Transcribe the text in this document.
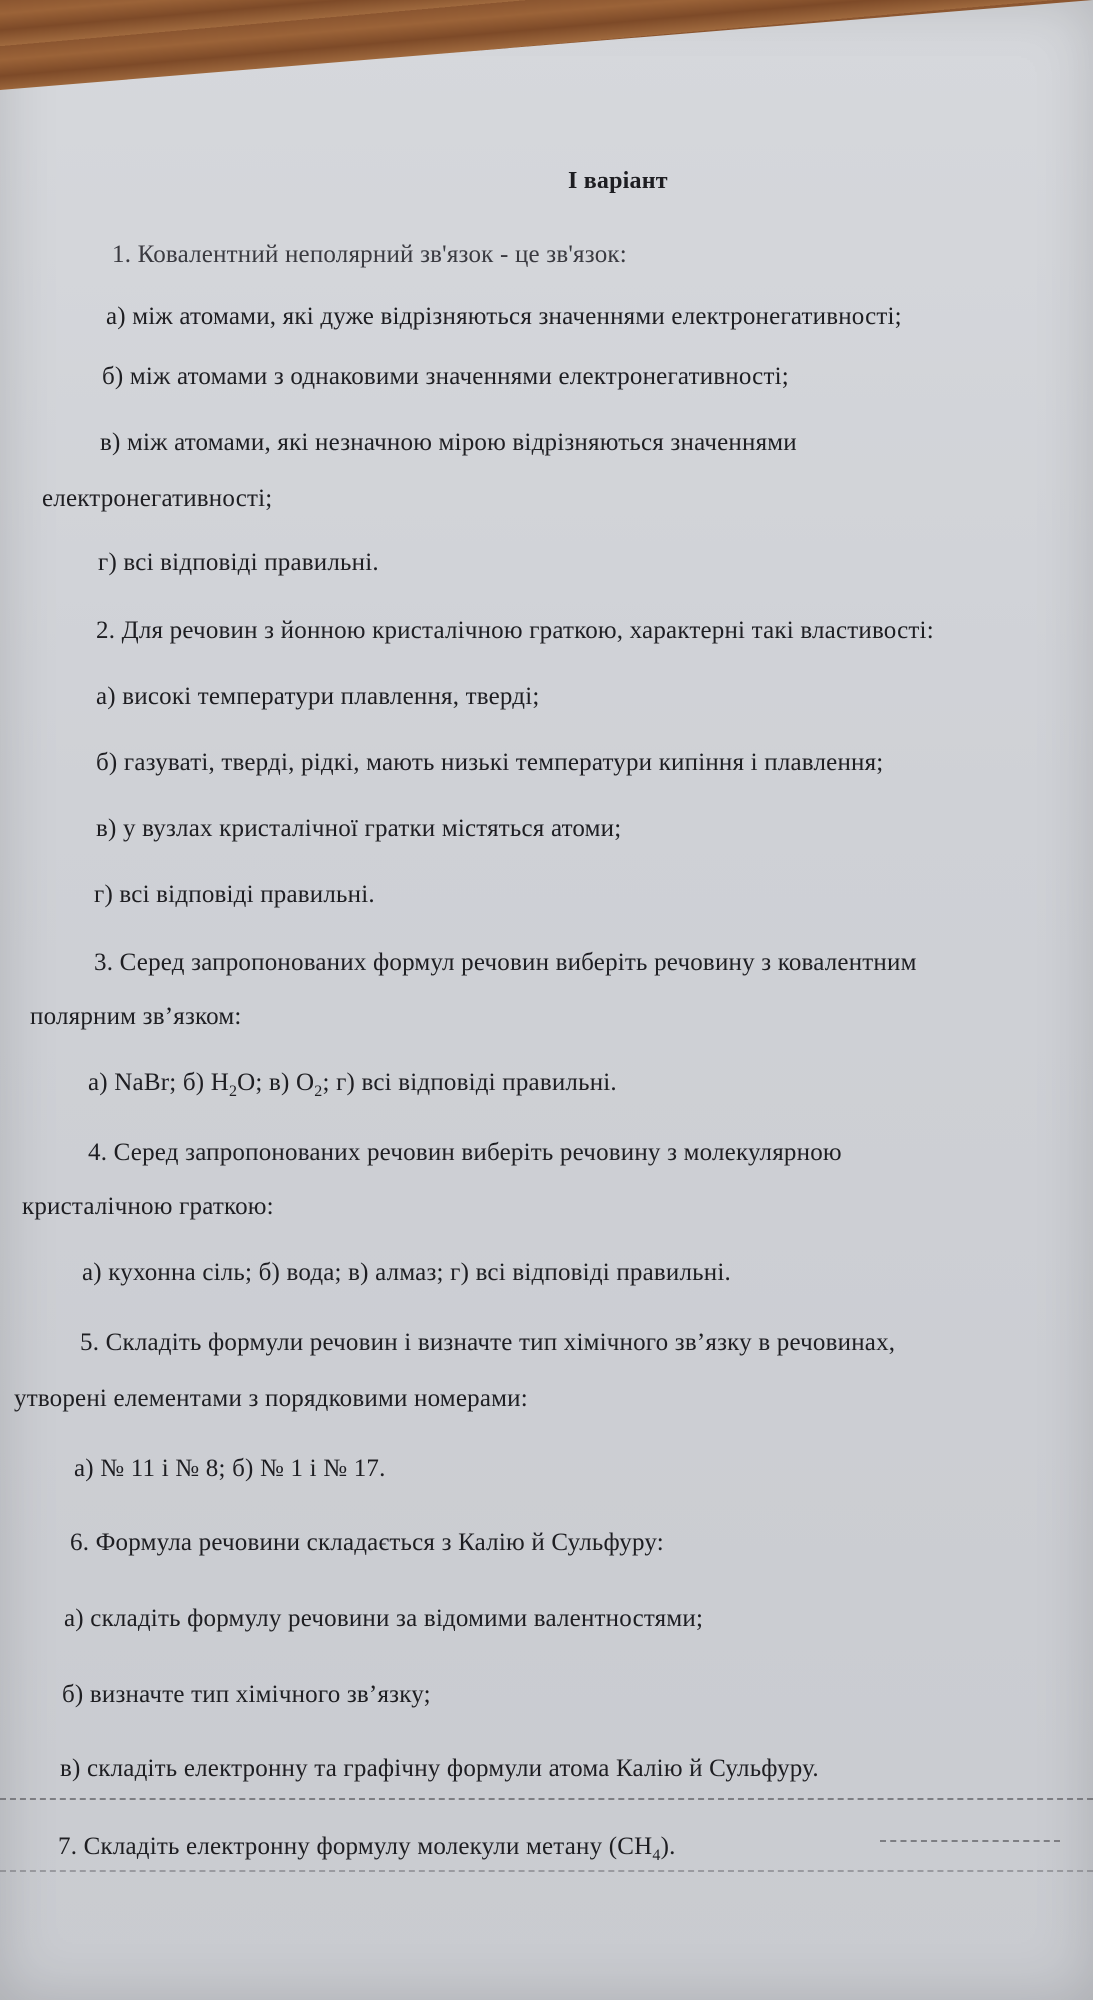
І варіант
1. Ковалентний неполярний зв'язок - це зв'язок:
а) між атомами, які дуже відрізняються значеннями електронегативності;
б) між атомами з однаковими значеннями електронегативності;
в) між атомами, які незначною мірою відрізняються значеннями
електронегативності;
г) всі відповіді правильні.
2. Для речовин з йонною кристалічною граткою, характерні такі властивості:
а) високі температури плавлення, тверді;
б) газуваті, тверді, рідкі, мають низькі температури кипіння і плавлення;
в) у вузлах кристалічної гратки містяться атоми;
г) всі відповіді правильні.
3. Серед запропонованих формул речовин виберіть речовину з ковалентним
полярним зв’язком:
а) NaBr; б) $H_2O$; в) $O_2$; г) всі відповіді правильні.
4. Серед запропонованих речовин виберіть речовину з молекулярною
кристалічною граткою:
а) кухонна сіль; б) вода; в) алмаз; г) всі відповіді правильні.
5. Складіть формули речовин і визначте тип хімічного зв’язку в речовинах,
утворені елементами з порядковими номерами:
а) № 11 і № 8; б) № 1 і № 17.
6. Формула речовини складається з Калію й Сульфуру:
а) складіть формулу речовини за відомими валентностями;
б) визначте тип хімічного зв’язку;
в) складіть електронну та графічну формули атома Калію й Сульфуру.
7. Складіть електронну формулу молекули метану $(CH_4)$.
